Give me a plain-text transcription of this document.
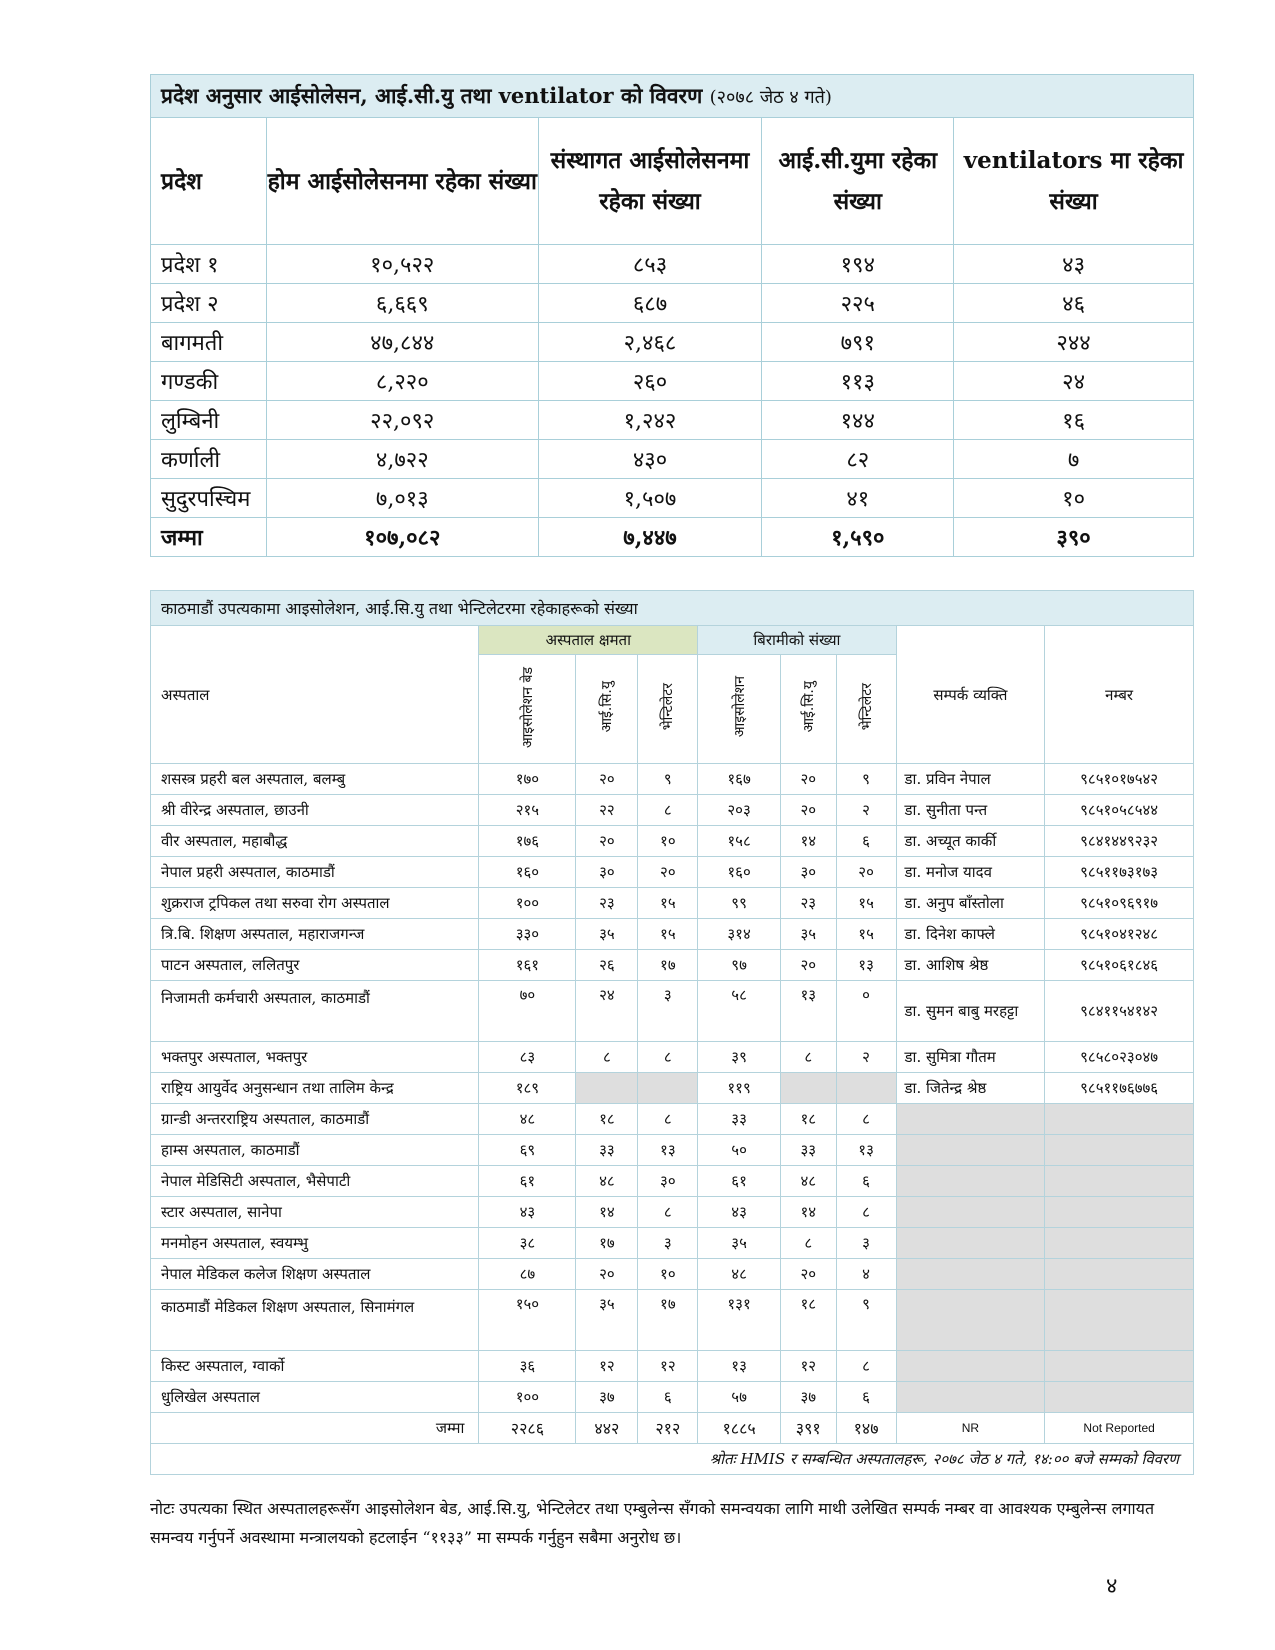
प्रदेश अनुसार आईसोलेसन, आई.सी.यु तथा ventilator को विवरण (२०७८ जेठ ४ गते)				
प्रदेश	होम आईसोलेसनमा रहेका संख्या	संस्थागत आईसोलेसनमा रहेका संख्या	आई.सी.युमा रहेका संख्या	ventilators मा रहेका संख्या
प्रदेश १	१०,५२२	८५३	१९४	४३
प्रदेश २	६,६६९	६८७	२२५	४६
बागमती	४७,८४४	२,४६८	७९१	२४४
गण्डकी	८,२२०	२६०	११३	२४
लुम्बिनी	२२,०९२	१,२४२	१४४	१६
कर्णाली	४,७२२	४३०	८२	७
सुदुरपस्चिम	७,०१३	१,५०७	४१	१०
जम्मा	१०७,०८२	७,४४७	१,५९०	३९०
काठमाडौं उपत्यकामा आइसोलेशन, आई.सि.यु तथा भेन्टिलेटरमा रहेकाहरूको संख्या								
अस्पताल	अस्पताल क्षमता			बिरामीको संख्या			सम्पर्क व्यक्ति	नम्बर
	आइसोलेशन बेड	आई.सि.यु	भेन्टिलेटर	आइसोलेशन	आई.सि.यु	भेन्टिलेटर		
शसस्त्र प्रहरी बल अस्पताल, बलम्बु	१७०	२०	९	१६७	२०	९	डा. प्रविन नेपाल	९८५१०१७५४२
श्री वीरेन्द्र अस्पताल, छाउनी	२१५	२२	८	२०३	२०	२	डा. सुनीता पन्त	९८५१०५८५४४
वीर अस्पताल, महाबौद्ध	१७६	२०	१०	१५८	१४	६	डा. अच्यूत कार्की	९८४१४४९२३२
नेपाल प्रहरी अस्पताल, काठमाडौं	१६०	३०	२०	१६०	३०	२०	डा. मनोज यादव	९८५११७३१७३
शुक्रराज ट्रपिकल तथा सरुवा रोग अस्पताल	१००	२३	१५	९९	२३	१५	डा. अनुप बाँस्तोला	९८५१०९६९१७
त्रि.बि. शिक्षण अस्पताल, महाराजगन्ज	३३०	३५	१५	३१४	३५	१५	डा. दिनेश काफ्ले	९८५१०४१२४८
पाटन अस्पताल, ललितपुर	१६१	२६	१७	९७	२०	१३	डा. आशिष श्रेष्ठ	९८५१०६१८४६
निजामती कर्मचारी अस्पताल, काठमाडौं	७०	२४	३	५८	१३	०	डा. सुमन बाबु मरहट्टा	९८४११५४१४२
भक्तपुर अस्पताल, भक्तपुर	८३	८	८	३९	८	२	डा. सुमित्रा गौतम	९८५८०२३०४७
राष्ट्रिय आयुर्वेद अनुसन्धान तथा तालिम केन्द्र	१८९			११९			डा. जितेन्द्र श्रेष्ठ	९८५११७६७७६
ग्रान्डी अन्तरराष्ट्रिय अस्पताल, काठमाडौं	४८	१८	८	३३	१८	८		
हाम्स अस्पताल, काठमाडौं	६९	३३	१३	५०	३३	१३		
नेपाल मेडिसिटी अस्पताल, भैसेपाटी	६१	४८	३०	६१	४८	६		
स्टार अस्पताल, सानेपा	४३	१४	८	४३	१४	८		
मनमोहन अस्पताल, स्वयम्भु	३८	१७	३	३५	८	३		
नेपाल मेडिकल कलेज शिक्षण अस्पताल	८७	२०	१०	४८	२०	४		
काठमाडौं मेडिकल शिक्षण अस्पताल, सिनामंगल	१५०	३५	१७	१३१	१८	९		
किस्ट अस्पताल, ग्वार्को	३६	१२	१२	१३	१२	८		
धुलिखेल अस्पताल	१००	३७	६	५७	३७	६		
जम्मा	२२८६	४४२	२१२	१८८५	३९१	१४७	NR	Not Reported
श्रोतः HMIS र सम्बन्धित अस्पतालहरू, २०७८ जेठ ४ गते, १४:०० बजे सम्मको विवरण								
नोटः उपत्यका स्थित अस्पतालहरूसँग आइसोलेशन बेड, आई.सि.यु, भेन्टिलेटर तथा एम्बुलेन्स सँगको समन्वयका लागि माथी उलेखित सम्पर्क नम्बर वा आवश्यक एम्बुलेन्स लगायत समन्वय गर्नुपर्ने अवस्थामा मन्त्रालयको हटलाईन “११३३” मा सम्पर्क गर्नुहुन सबैमा अनुरोध छ।
४
